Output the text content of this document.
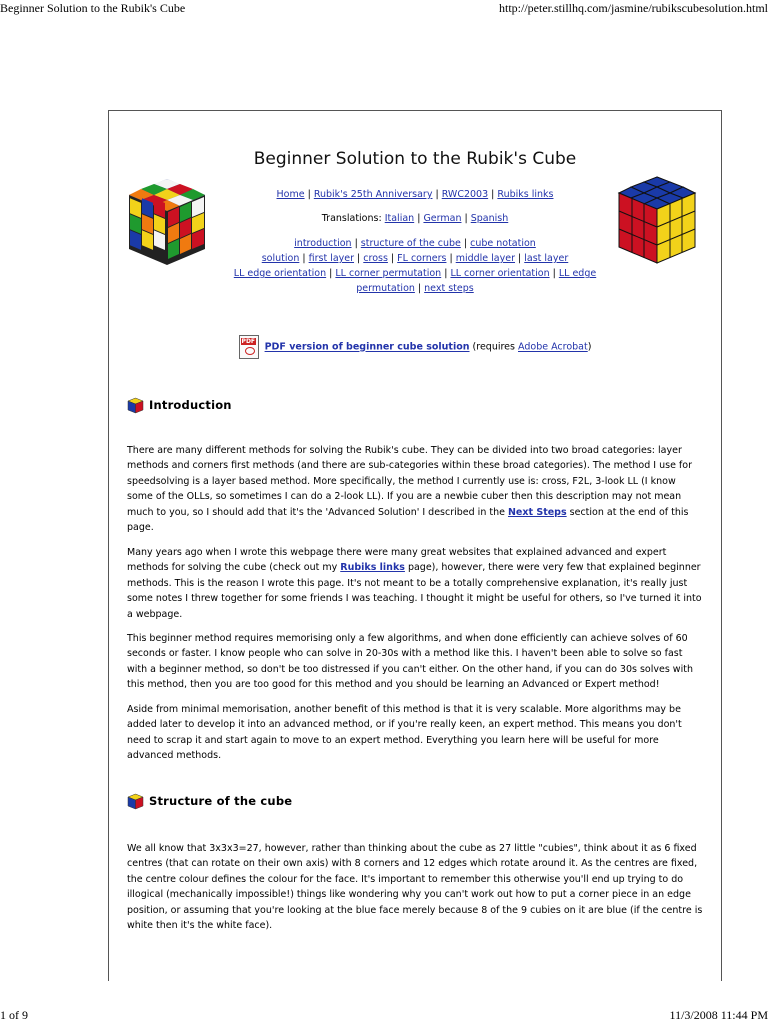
Beginner Solution to the Rubik's Cube	http://peter.stillhq.com/jasmine/rubikscubesolution.html
Beginner Solution to the Rubik's Cube
Home | Rubik's 25th Anniversary | RWC2003 | Rubiks links
Translations: Italian | German | Spanish
introduction | structure of the cube | cube notation
solution | first layer | cross | FL corners | middle layer | last layer
LL edge orientation | LL corner permutation | LL corner orientation | LL edge permutation | next steps
PDF PDF version of beginner cube solution (requires Adobe Acrobat)
Introduction
There are many different methods for solving the Rubik's cube. They can be divided into two broad categories: layer methods and corners first methods (and there are sub-categories within these broad categories). The method I use for speedsolving is a layer based method. More specifically, the method I currently use is: cross, F2L, 3-look LL (I know some of the OLLs, so sometimes I can do a 2-look LL). If you are a newbie cuber then this description may not mean much to you, so I should add that it's the 'Advanced Solution' I described in the Next Steps section at the end of this page.
Many years ago when I wrote this webpage there were many great websites that explained advanced and expert methods for solving the cube (check out my Rubiks links page), however, there were very few that explained beginner methods. This is the reason I wrote this page. It's not meant to be a totally comprehensive explanation, it's really just some notes I threw together for some friends I was teaching. I thought it might be useful for others, so I've turned it into a webpage.
This beginner method requires memorising only a few algorithms, and when done efficiently can achieve solves of 60 seconds or faster. I know people who can solve in 20-30s with a method like this. I haven't been able to solve so fast with a beginner method, so don't be too distressed if you can't either. On the other hand, if you can do 30s solves with this method, then you are too good for this method and you should be learning an Advanced or Expert method!
Aside from minimal memorisation, another benefit of this method is that it is very scalable. More algorithms may be added later to develop it into an advanced method, or if you're really keen, an expert method. This means you don't need to scrap it and start again to move to an expert method. Everything you learn here will be useful for more advanced methods.
Structure of the cube
We all know that 3x3x3=27, however, rather than thinking about the cube as 27 little "cubies", think about it as 6 fixed centres (that can rotate on their own axis) with 8 corners and 12 edges which rotate around it. As the centres are fixed, the centre colour defines the colour for the face. It's important to remember this otherwise you'll end up trying to do illogical (mechanically impossible!) things like wondering why you can't work out how to put a corner piece in an edge position, or assuming that you're looking at the blue face merely because 8 of the 9 cubies on it are blue (if the centre is white then it's the white face).
1 of 9	11/3/2008 11:44 PM
